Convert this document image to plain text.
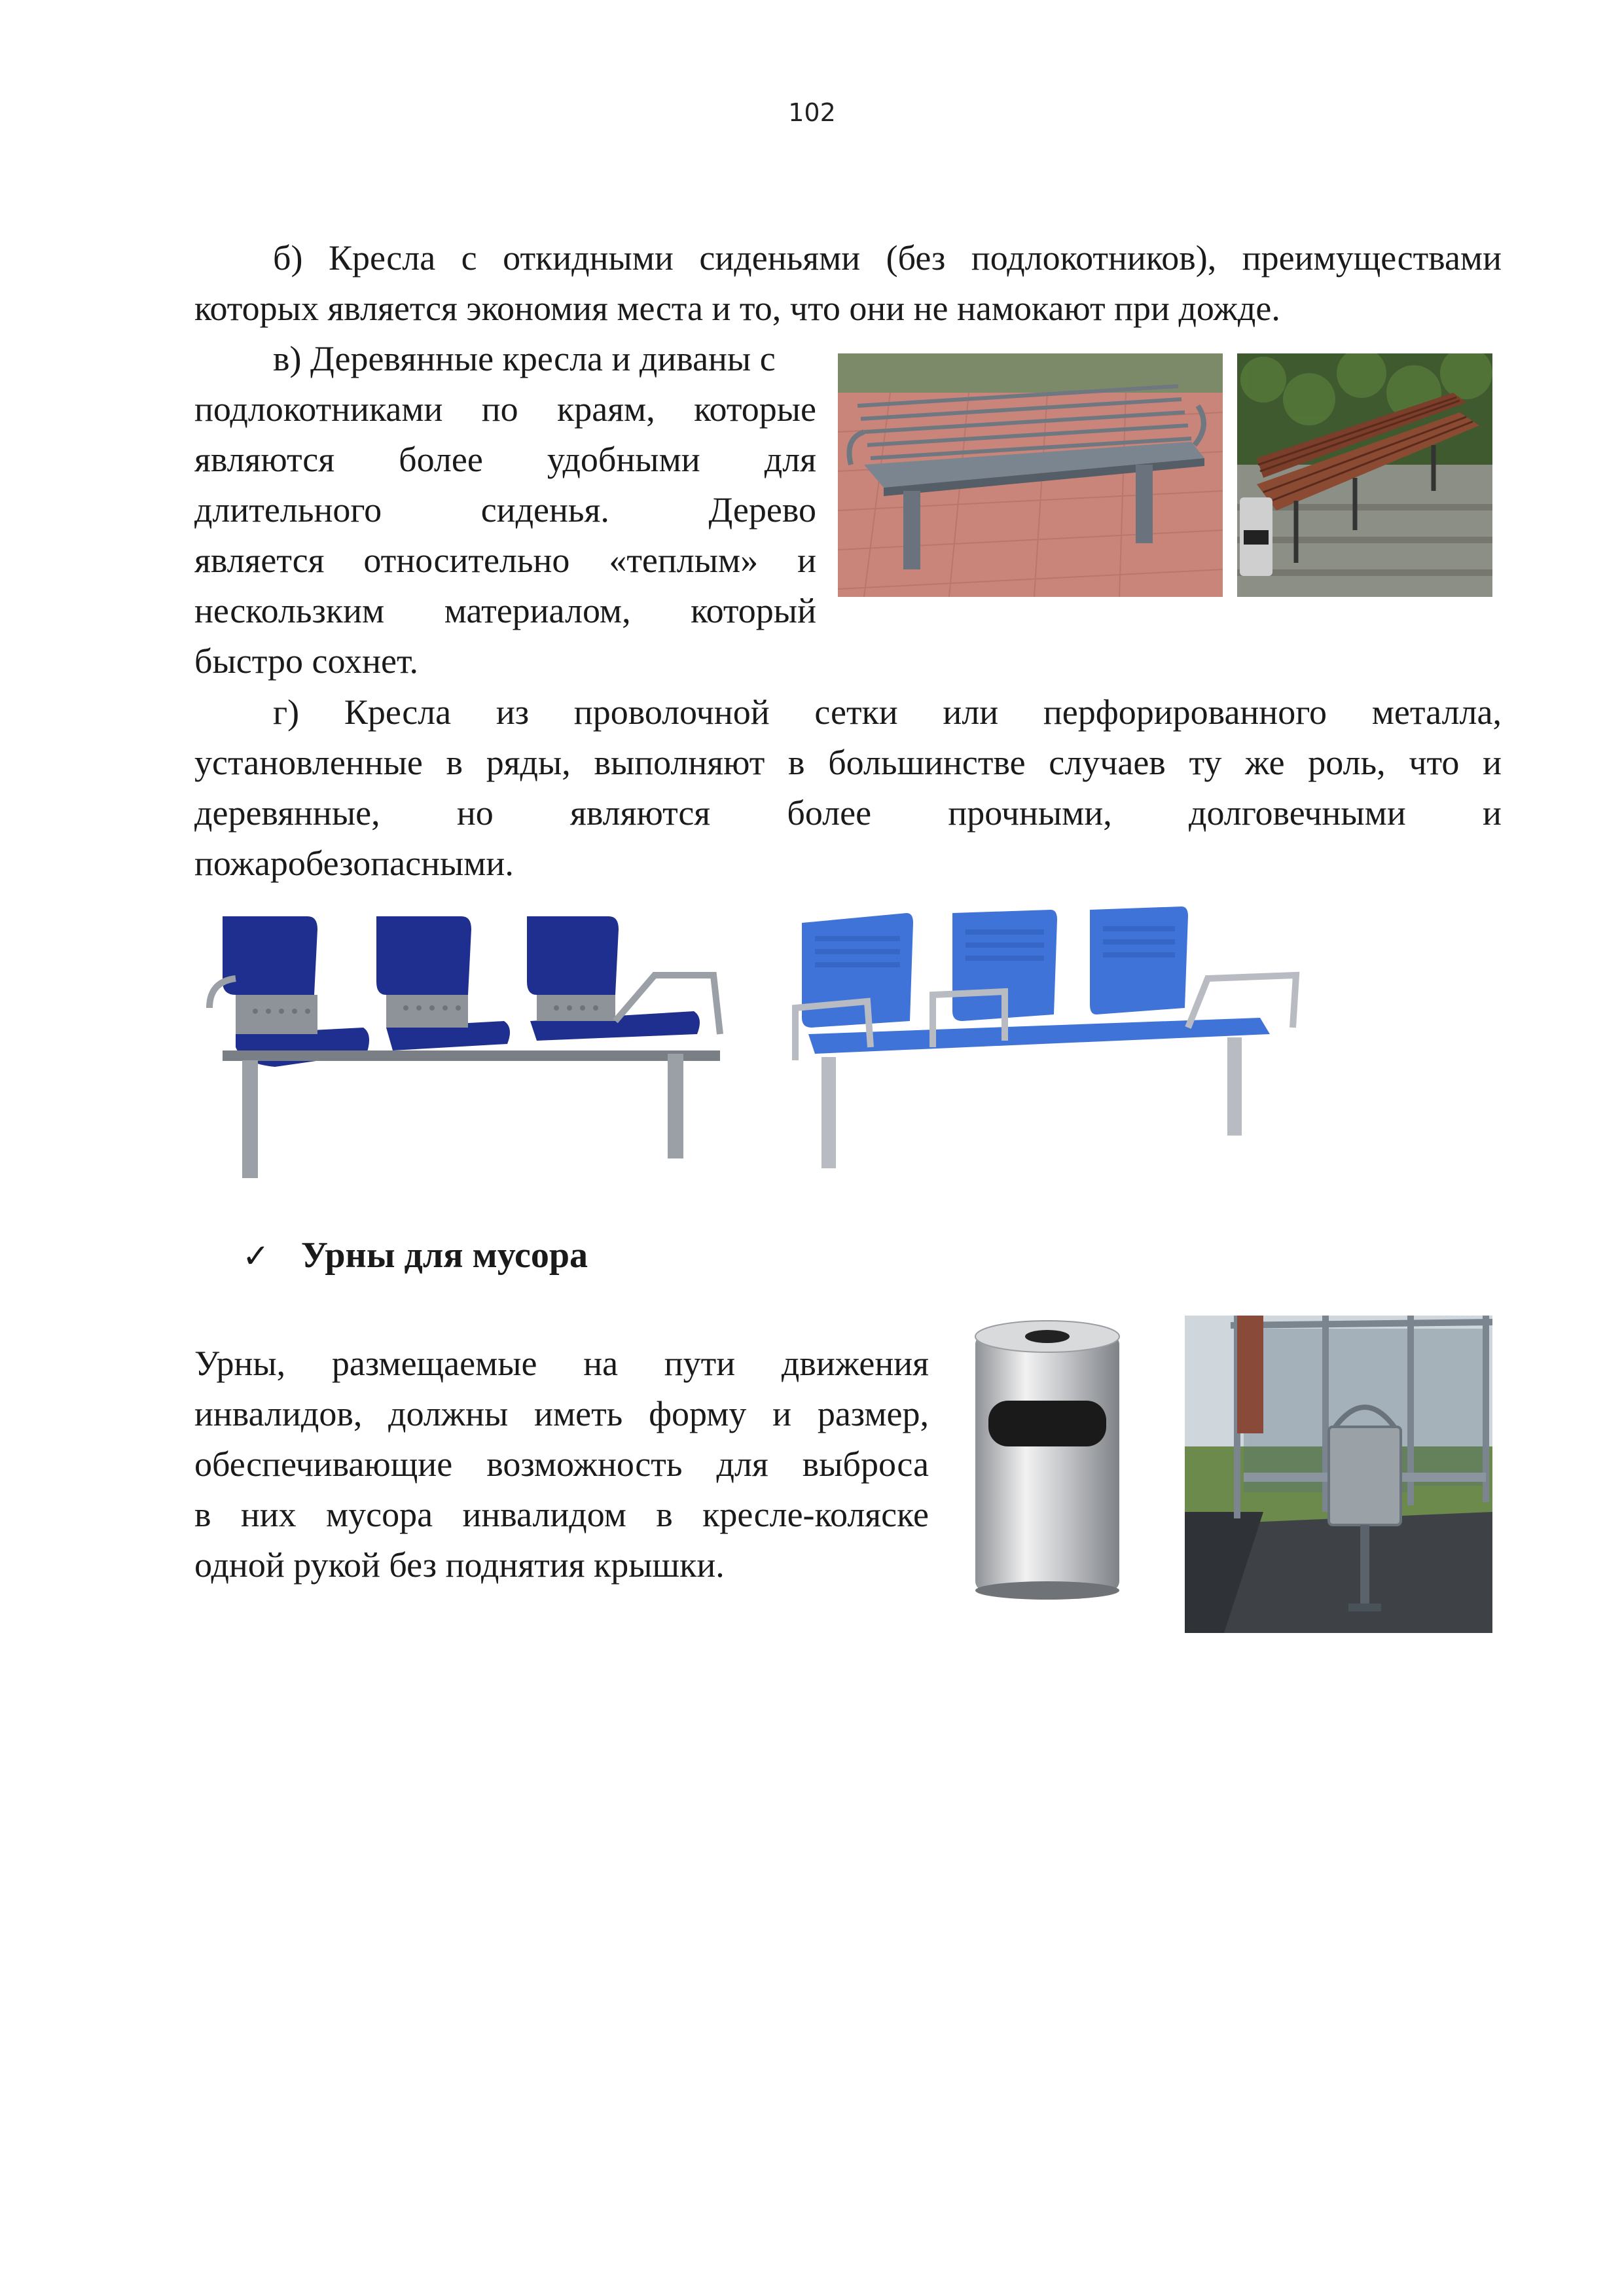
102
б) Кресла с откидными сиденьями (без подлокотников), преимуществами
которых является экономия места и то, что они не намокают при дожде.
в) Деревянные кресла и диваны с
подлокотниками по краям, которые
являются более удобными для
длительного	сиденья.	Дерево
является относительно «теплым» и
нескользким материалом, который
быстро сохнет.
г) Кресла из проволочной сетки или перфорированного металла,
установленные в ряды, выполняют в большинстве случаев ту же роль, что и
деревянные, но являются более прочными, долговечными и
пожаробезопасными.
✓ Урны для мусора
Урны, размещаемые на пути движения
инвалидов, должны иметь форму и размер,
обеспечивающие возможность для выброса
в них мусора инвалидом в кресле-коляске
одной рукой без поднятия крышки.
